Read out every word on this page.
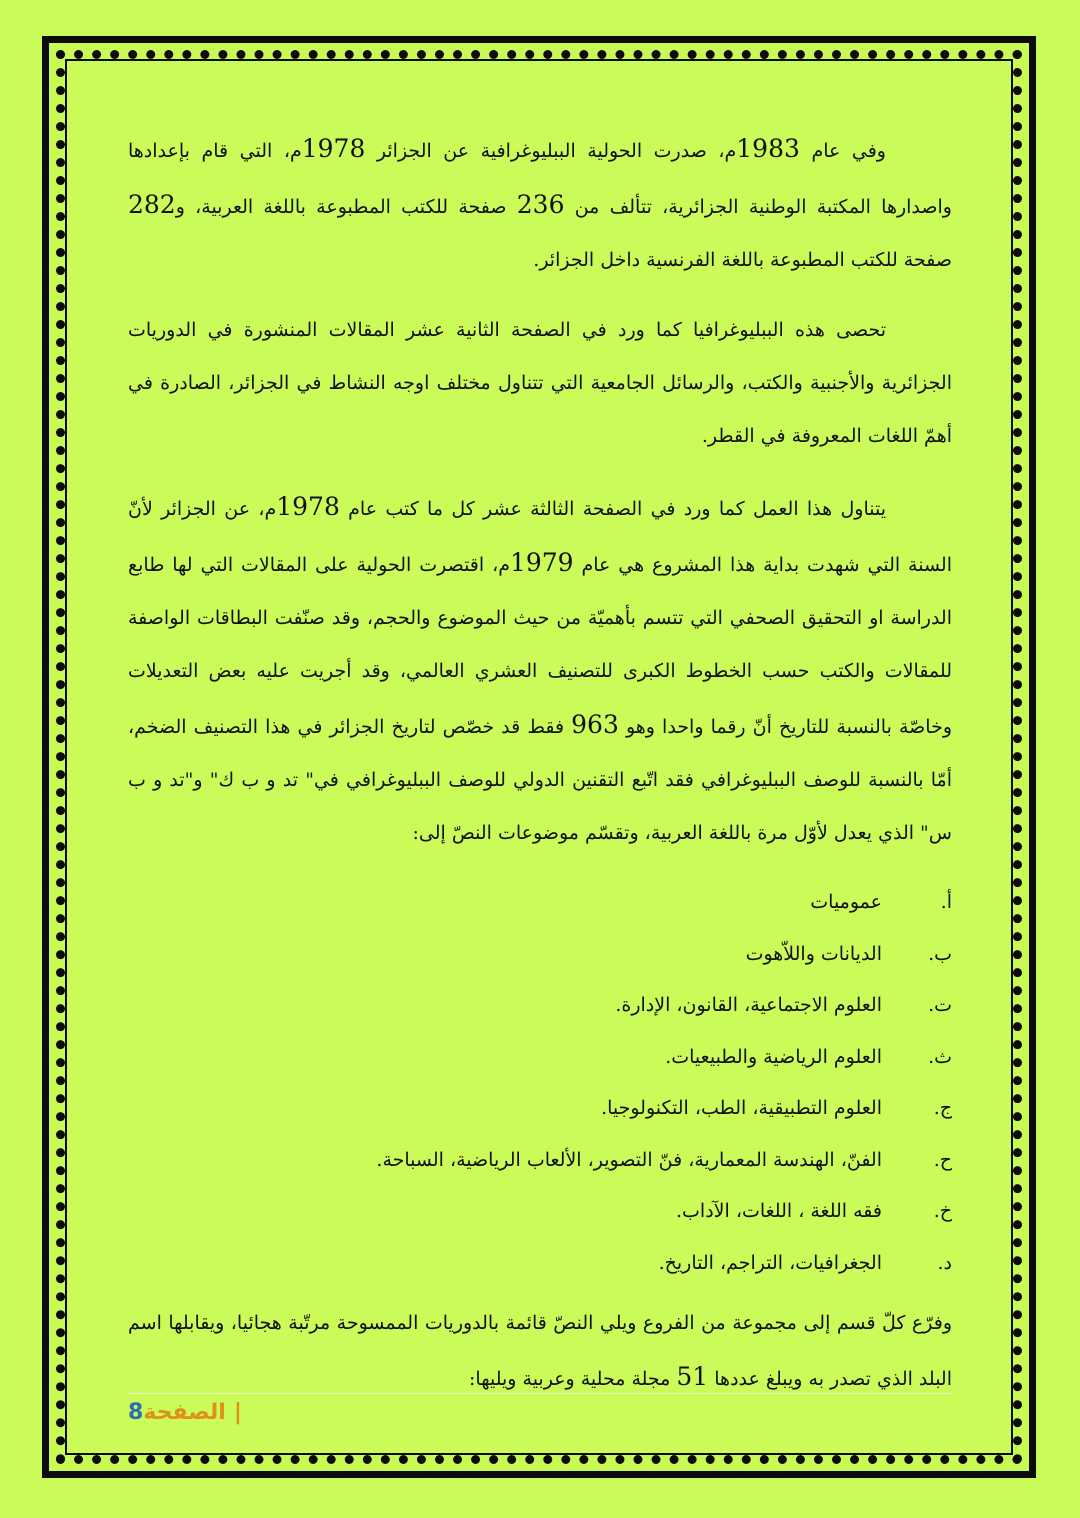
وفي عام 1983م، صدرت الحولية الببليوغرافية عن الجزائر 1978م، التي قام بإعدادها واصدارها المكتبة الوطنية الجزائرية، تتألف من 236 صفحة للكتب المطبوعة باللغة العربية، و282 صفحة للكتب المطبوعة باللغة الفرنسية داخل الجزائر.

تحصى هذه الببليوغرافيا كما ورد في الصفحة الثانية عشر المقالات المنشورة في الدوريات الجزائرية والأجنبية والكتب، والرسائل الجامعية التي تتناول مختلف اوجه النشاط في الجزائر، الصادرة في أهمّ اللغات المعروفة في القطر.

يتناول هذا العمل كما ورد في الصفحة الثالثة عشر كل ما كتب عام 1978م، عن الجزائر لأنّ السنة التي شهدت بداية هذا المشروع هي عام 1979م، اقتصرت الحولية على المقالات التي لها طابع الدراسة او التحقيق الصحفي التي تتسم بأهميّة من حيث الموضوع والحجم، وقد صنّفت البطاقات الواصفة للمقالات والكتب حسب الخطوط الكبرى للتصنيف العشري العالمي، وقد أجريت عليه بعض التعديلات وخاصّة بالنسبة للتاريخ أنّ رقما واحدا وهو 963 فقط قد خصّص لتاريخ الجزائر في هذا التصنيف الضخم، أمّا بالنسبة للوصف الببليوغرافي فقد اتّبع التقنين الدولي للوصف الببليوغرافي في" تد و ب ك" و"تد و ب س" الذي يعدل لأوّل مرة باللغة العربية، وتقسّم موضوعات النصّ إلى:

أ.
عموميات
ب.
الديانات واللاّهوت
ت.
العلوم الاجتماعية، القانون، الإدارة.
ث.
العلوم الرياضية والطبيعيات.
ج.
العلوم التطبيقية، الطب، التكنولوجيا.
ح.
الفنّ، الهندسة المعمارية، فنّ التصوير، الألعاب الرياضية، السباحة.
خ.
فقه اللغة ، اللغات، الآداب.
د.
الجغرافيات، التراجم، التاريخ.

وفرّع كلّ قسم إلى مجموعة من الفروع ويلي النصّ قائمة بالدوريات الممسوحة مرتّبة هجائيا، ويقابلها اسم البلد الذي تصدر به ويبلغ عددها 51 مجلة محلية وعربية ويليها:

8الصفحة |
